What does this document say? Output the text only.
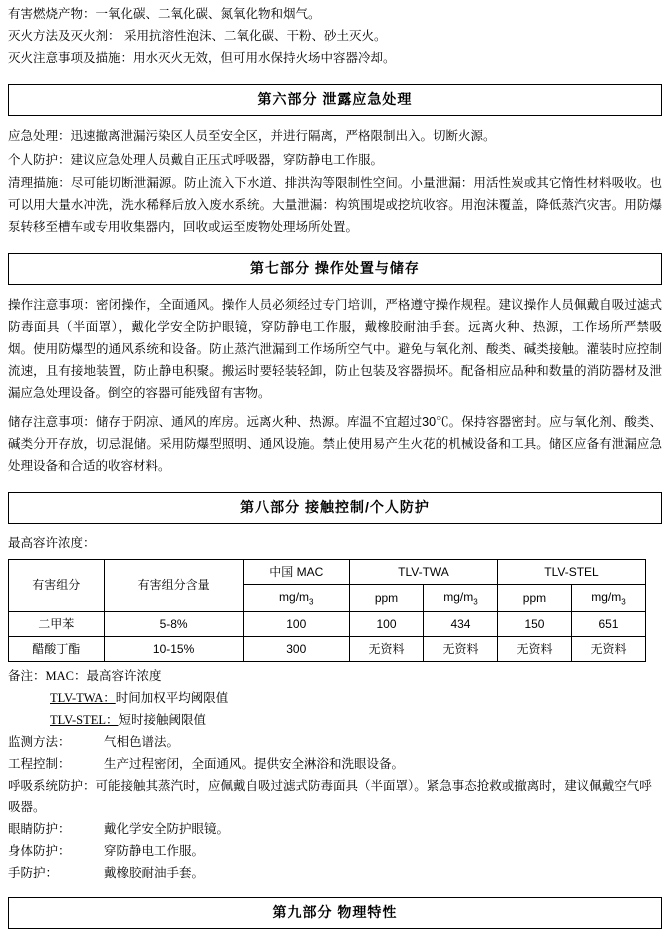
有害燃烧产物：一氧化碳、二氧化碳、氮氧化物和烟气。
灭火方法及灭火剂： 采用抗溶性泡沫、二氧化碳、干粉、砂土灭火。
灭火注意事项及描施：用水灭火无效，但可用水保持火场中容器冷却。
第六部分 泄露应急处理
应急处理：迅速撤离泄漏污染区人员至安全区，并进行隔离，严格限制出入。切断火源。
个人防护：建议应急处理人员戴自正压式呼吸器，穿防静电工作服。
清理描施：尽可能切断泄漏源。防止流入下水道、排洪沟等限制性空间。小量泄漏：用活性炭或其它惰性材料吸收。也可以用大量水冲洗，洗水稀释后放入废水系统。大量泄漏：构筑围堤或挖坑收容。用泡沫覆盖，降低蒸汽灾害。用防爆泵转移至槽车或专用收集器内，回收或运至废物处理场所处置。
第七部分 操作处置与储存
操作注意事项：密闭操作，全面通风。操作人员必须经过专门培训，严格遵守操作规程。建议操作人员佩戴自吸过滤式防毒面具（半面罩），戴化学安全防护眼镜，穿防静电工作服，戴橡胶耐油手套。远离火种、热源，工作场所严禁吸烟。使用防爆型的通风系统和设备。防止蒸汽泄漏到工作场所空气中。避免与氧化剂、酸类、碱类接触。灌装时应控制流速，且有接地装置，防止静电积聚。搬运时要轻装轻卸，防止包装及容器损坏。配备相应品种和数量的消防器材及泄漏应急处理设备。倒空的容器可能残留有害物。
储存注意事项：储存于阴凉、通风的库房。远离火种、热源。库温不宜超过30℃。保持容器密封。应与氧化剂、酸类、碱类分开存放，切忌混储。采用防爆型照明、通风设施。禁止使用易产生火花的机械设备和工具。储区应备有泄漏应急处理设备和合适的收容材料。
第八部分 接触控制/个人防护
最高容许浓度：
有害组分	有害组分含量	中国 MAC	TLV-TWA		TLV-STEL	
		$mg/m_3$	ppm	$mg/m_3$	ppm	$mg/m_3$
二甲苯	5-8%	100	100	434	150	651
醋酸丁酯	10-15%	300	无资料	无资料	无资料	无资料
备注：MAC：最高容许浓度
TLV-TWA：时间加权平均阈限值
TLV-STEL：短时接触阈限值
监测方法：	气相色谱法。
工程控制：	生产过程密闭，全面通风。提供安全淋浴和洗眼设备。
呼吸系统防护：可能接触其蒸汽时，应佩戴自吸过滤式防毒面具（半面罩）。紧急事态抢救或撤离时，建议佩戴空气呼吸器。
眼睛防护：	戴化学安全防护眼镜。
身体防护：	穿防静电工作服。
手防护：	戴橡胶耐油手套。
第九部分 物理特性
